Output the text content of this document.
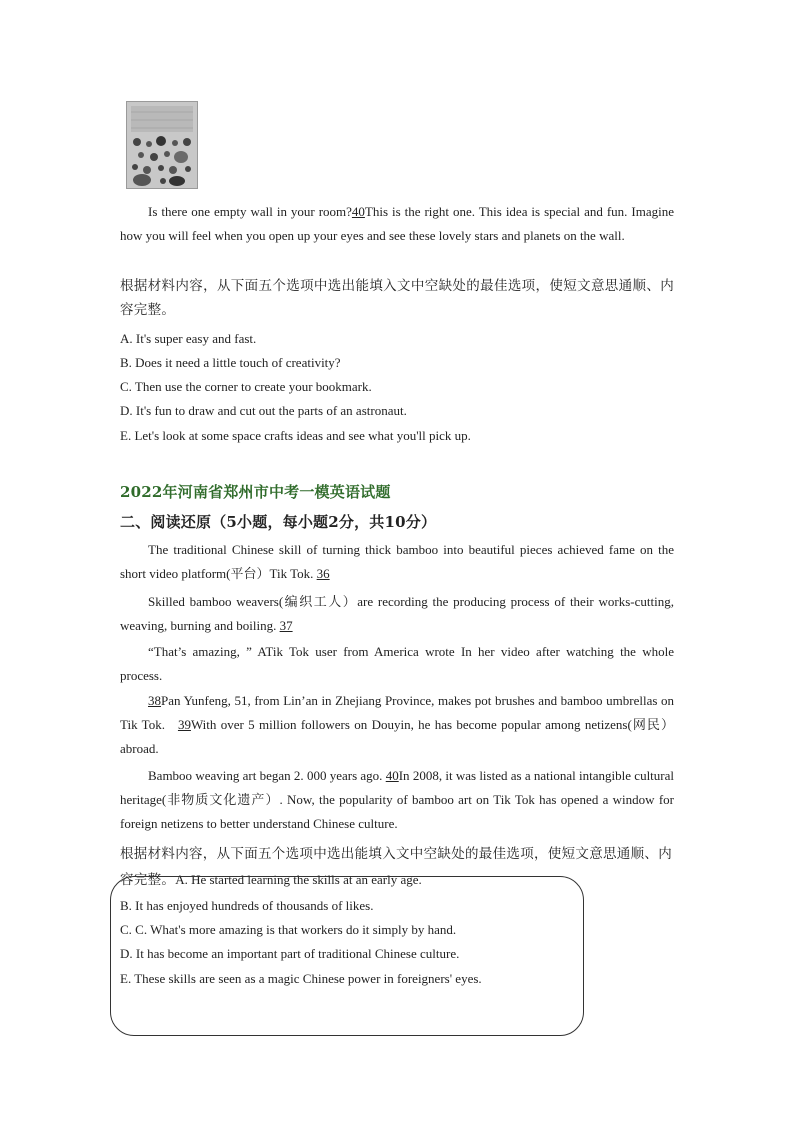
Is there one empty wall in your room?40This is the right one. This idea is special and fun. Imagine how you will feel when you open up your eyes and see these lovely stars and planets on the wall.
根据材料内容，从下面五个选项中选出能填入文中空缺处的最佳选项，使短文意思通顺、内容完整。
A. It's super easy and fast.
B. Does it need a little touch of creativity?
C. Then use the corner to create your bookmark.
D. It's fun to draw and cut out the parts of an astronaut.
E. Let's look at some space crafts ideas and see what you'll pick up.
2022年河南省郑州市中考一模英语试题
二、阅读还原（5小题，每小题2分，共10分）
The traditional Chinese skill of turning thick bamboo into beautiful pieces achieved fame on the short video platform(平台）Tik Tok. 36
Skilled bamboo weavers(编织工人）are recording the producing process of their works-cutting, weaving, burning and boiling. 37
“That’s amazing, ” ATik Tok user from America wrote In her video after watching the whole process.
38Pan Yunfeng, 51, from Lin’an in Zhejiang Province, makes pot brushes and bamboo umbrellas on Tik Tok. 39With over 5 million followers on Douyin, he has become popular among netizens(网民）abroad.
Bamboo weaving art began 2. 000 years ago. 40In 2008, it was listed as a national intangible cultural heritage(非物质文化遗产）. Now, the popularity of bamboo art on Tik Tok has opened a window for foreign netizens to better understand Chinese culture.
根据材料内容，从下面五个选项中选出能填入文中空缺处的最佳选项，使短文意思通顺、内
容完整。A. He started learning the skills at an early age.
B. It has enjoyed hundreds of thousands of likes.
C. C. What's more amazing is that workers do it simply by hand.
D. It has become an important part of traditional Chinese culture.
E. These skills are seen as a magic Chinese power in foreigners' eyes.
